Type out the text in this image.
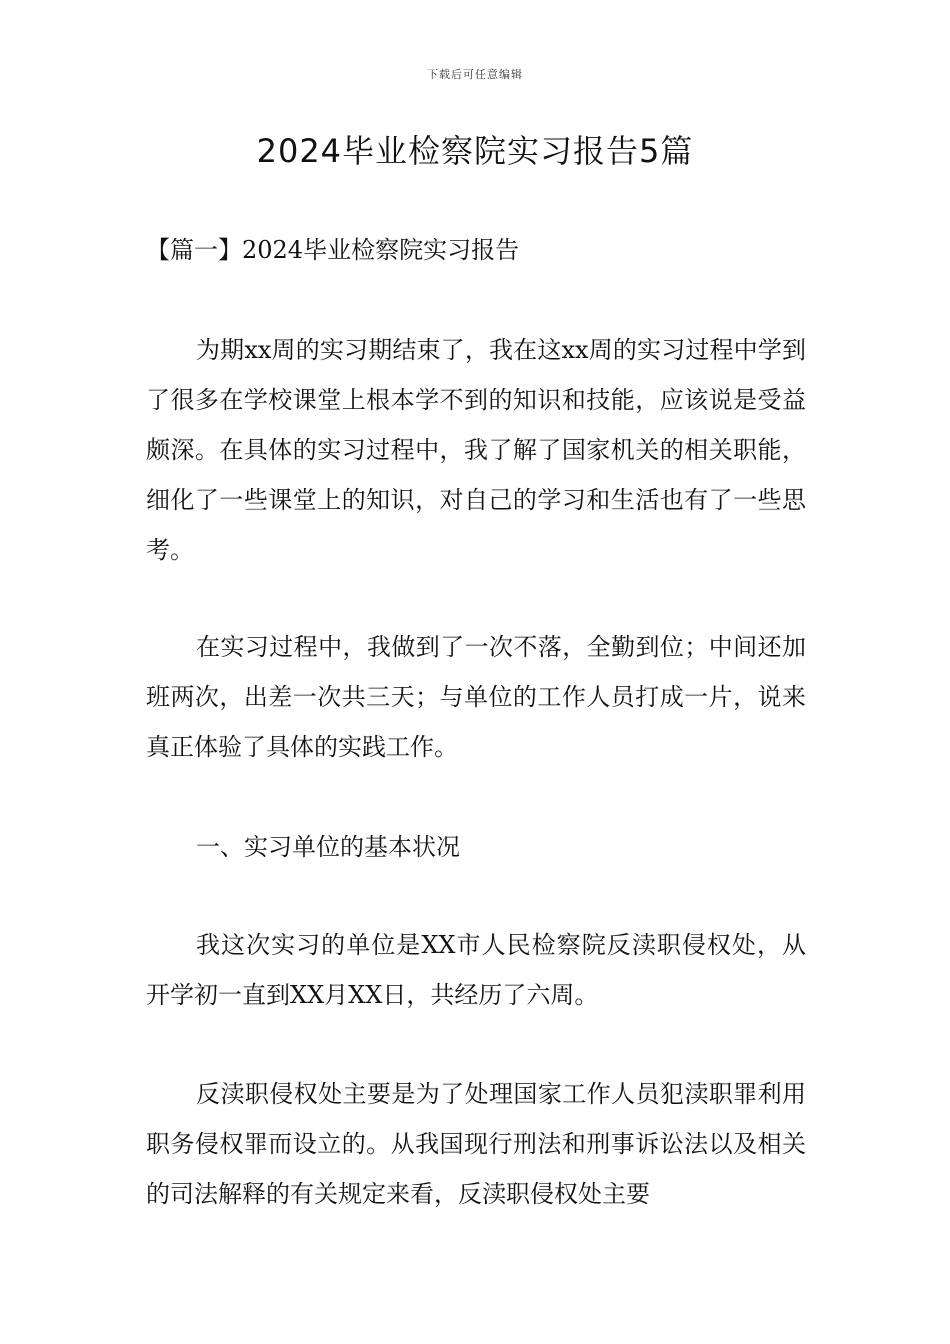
下载后可任意编辑
2024毕业检察院实习报告5篇
【篇一】2024毕业检察院实习报告

为期xx周的实习期结束了，我在这xx周的实习过程中学到了很多在学校课堂上根本学不到的知识和技能，应该说是受益颇深。在具体的实习过程中，我了解了国家机关的相关职能，细化了一些课堂上的知识，对自己的学习和生活也有了一些思考。

在实习过程中，我做到了一次不落，全勤到位；中间还加班两次，出差一次共三天；与单位的工作人员打成一片，说来真正体验了具体的实践工作。

一、实习单位的基本状况

我这次实习的单位是XX市人民检察院反渎职侵权处，从开学初一直到XX月XX日，共经历了六周。

反渎职侵权处主要是为了处理国家工作人员犯渎职罪利用职务侵权罪而设立的。从我国现行刑法和刑事诉讼法以及相关的司法解释的有关规定来看，反渎职侵权处主要
